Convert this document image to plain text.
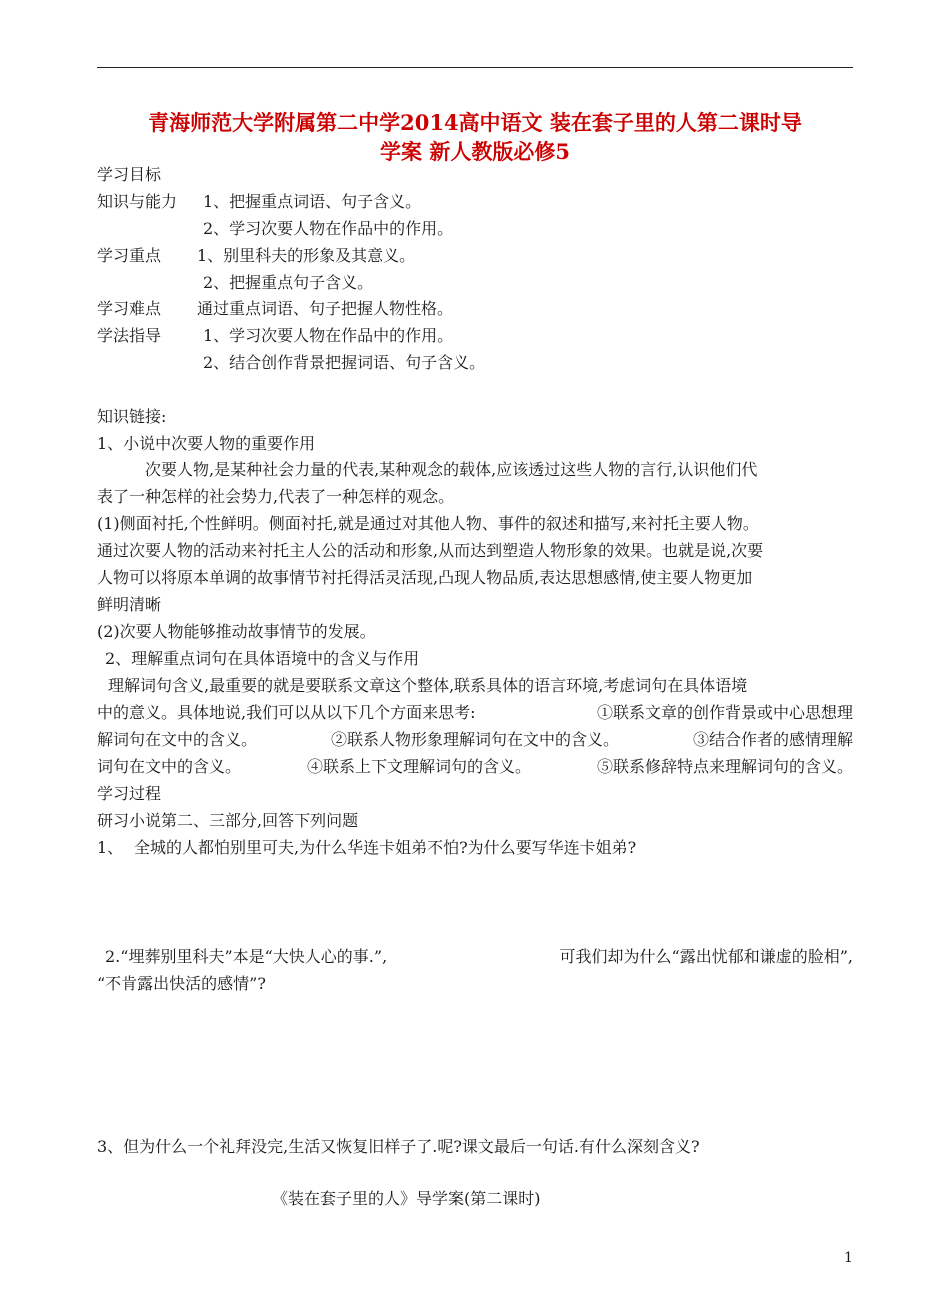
青海师范大学附属第二中学2014高中语文 装在套子里的人第二课时导
学案 新人教版必修5
学习目标
知识与能力 1、把握重点词语、句子含义。
2、学习次要人物在作品中的作用。
学习重点 1、别里科夫的形象及其意义。
2、把握重点句子含义。
学习难点 通过重点词语、句子把握人物性格。
学法指导	1、学习次要人物在作品中的作用。
2、结合创作背景把握词语、句子含义。
知识链接:
1、小说中次要人物的重要作用
次要人物,是某种社会力量的代表,某种观念的载体,应该透过这些人物的言行,认识他们代
表了一种怎样的社会势力,代表了一种怎样的观念。
(1)侧面衬托,个性鲜明。侧面衬托,就是通过对其他人物、事件的叙述和描写,来衬托主要人物。
通过次要人物的活动来衬托主人公的活动和形象,从而达到塑造人物形象的效果。也就是说,次要
人物可以将原本单调的故事情节衬托得活灵活现,凸现人物品质,表达思想感情,使主要人物更加
鲜明清晰
(2)次要人物能够推动故事情节的发展。
2、理解重点词句在具体语境中的含义与作用
理解词句含义,最重要的就是要联系文章这个整体,联系具体的语言环境,考虑词句在具体语境
中的意义。具体地说,我们可以从以下几个方面来思考:	①联系文章的创作背景或中心思想理
解词句在文中的含义。	②联系人物形象理解词句在文中的含义。	③结合作者的感情理解
词句在文中的含义。	④联系上下文理解词句的含义。	⑤联系修辞特点来理解词句的含义。
学习过程
研习小说第二、三部分,回答下列问题
1、 全城的人都怕别里可夫,为什么华连卡姐弟不怕?为什么要写华连卡姐弟?
2.“埋葬别里科夫”本是“大快人心的事.”,	可我们却为什么“露出忧郁和谦虚的脸相”,
“不肯露出快活的感情”?
3、但为什么一个礼拜没完,生活又恢复旧样子了.呢?课文最后一句话.有什么深刻含义?
《装在套子里的人》导学案(第二课时)
1
